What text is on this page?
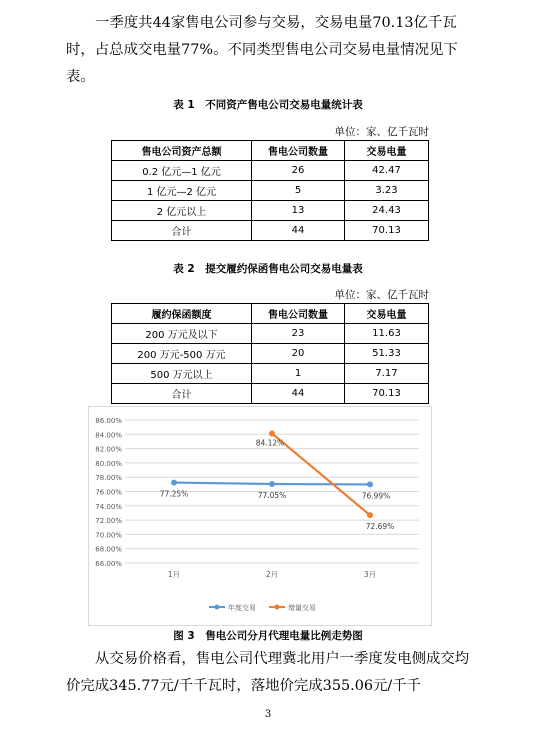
一季度共44家售电公司参与交易，交易电量70.13亿千瓦时，占总成交电量77%。不同类型售电公司交易电量情况见下表。

表 1　不同资产售电公司交易电量统计表
单位：家、亿千瓦时
售电公司资产总额	售电公司数量	交易电量
0.2 亿元—1 亿元	26	42.47
1 亿元—2 亿元	5	3.23
2 亿元以上	13	24.43
合计	44	70.13
表 2　提交履约保函售电公司交易电量表
单位：家、亿千瓦时
履约保函额度	售电公司数量	交易电量
200 万元及以下	23	11.63
200 万元-500 万元	20	51.33
500 万元以上	1	7.17
合计	44	70.13
86.00%
84.00%
82.00%
80.00%
78.00%
76.00%
74.00%
72.00%
70.00%
68.00%
66.00%
1月	2月	3月
77.25%	77.05%	76.99%
84.12%
72.69%
年度交易	增量交易
图 3　售电公司分月代理电量比例走势图

从交易价格看，售电公司代理冀北用户一季度发电侧成交均价完成345.77元/千千瓦时，落地价完成355.06元/千千

3
